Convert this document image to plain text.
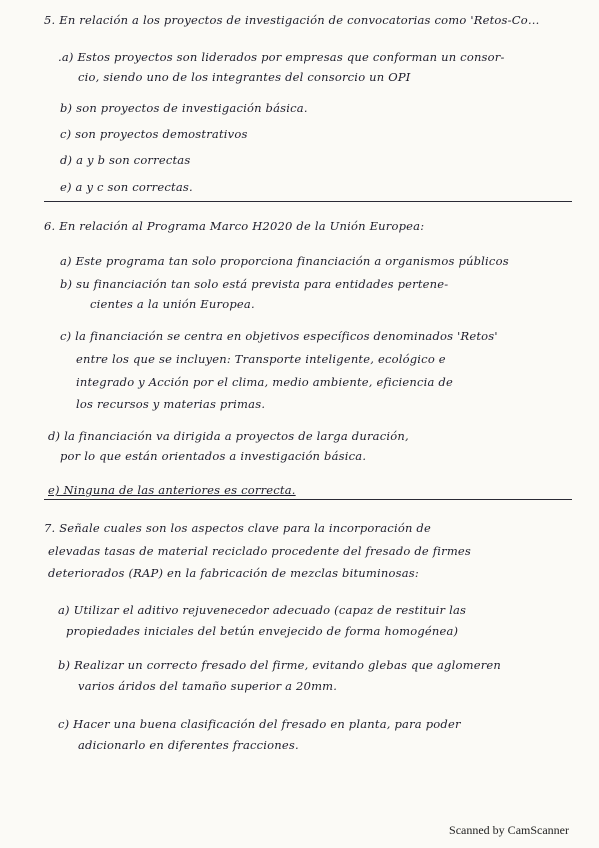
5. En relación a los proyectos de investigación de convocatorias como 'Retos-Co…
.a) Estos proyectos son liderados por empresas que conforman un consor-
cio, siendo uno de los integrantes del consorcio un OPI
b) son proyectos de investigación básica.
c) son proyectos demostrativos
d) a y b son correctas
e) a y c son correctas.
6. En relación al Programa Marco H2020 de la Unión Europea:
a) Este programa tan solo proporciona financiación a organismos públicos
b) su financiación tan solo está prevista para entidades pertene-
cientes a la unión Europea.
c) la financiación se centra en objetivos específicos denominados 'Retos'
entre los que se incluyen: Transporte inteligente, ecológico e
integrado y Acción por el clima, medio ambiente, eficiencia de
los recursos y materias primas.
d) la financiación va dirigida a proyectos de larga duración,
por lo que están orientados a investigación básica.
e) Ninguna de las anteriores es correcta.
7. Señale cuales son los aspectos clave para la incorporación de
elevadas tasas de material reciclado procedente del fresado de firmes
deteriorados (RAP) en la fabricación de mezclas bituminosas:
a) Utilizar el aditivo rejuvenecedor adecuado (capaz de restituir las
propiedades iniciales del betún envejecido de forma homogénea)
b) Realizar un correcto fresado del firme, evitando glebas que aglomeren
varios áridos del tamaño superior a 20mm.
c) Hacer una buena clasificación del fresado en planta, para poder
adicionarlo en diferentes fracciones.
Scanned by CamScanner
